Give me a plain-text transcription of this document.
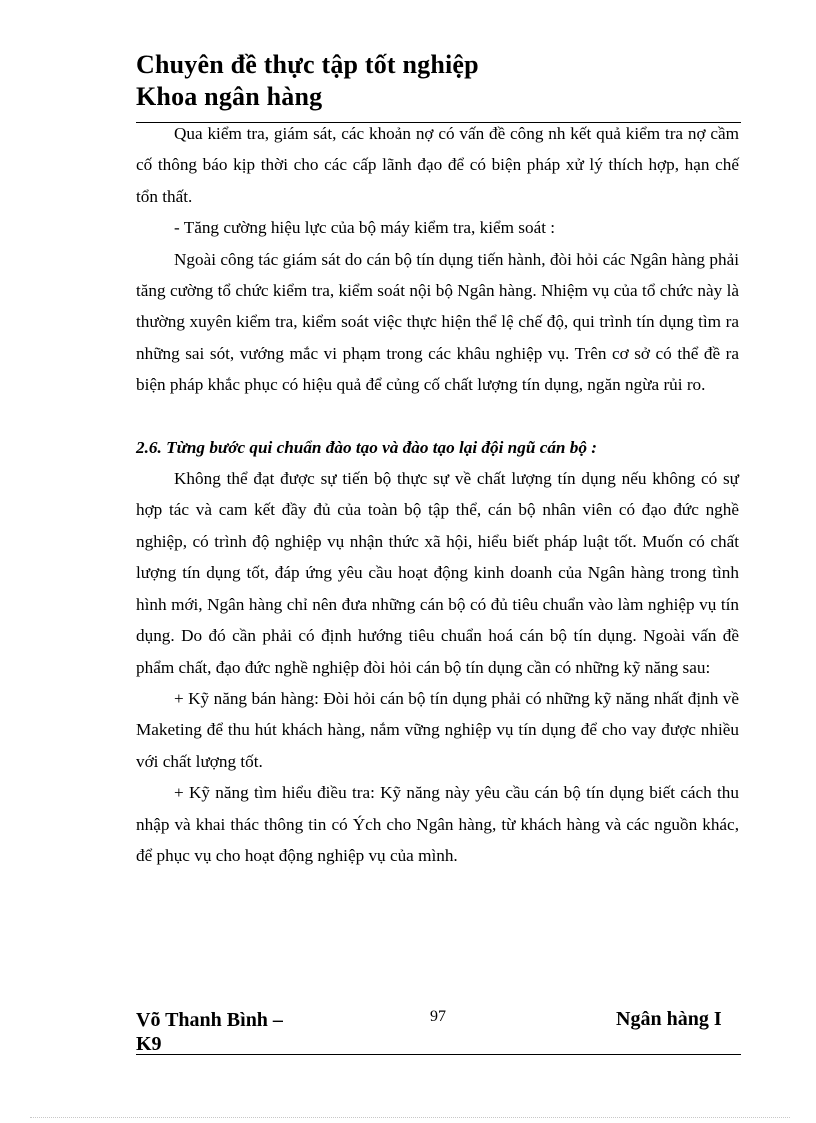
Chuyên đề thực tập tốt nghiệp
Khoa ngân hàng

Qua kiểm tra, giám sát, các khoản nợ có vấn đề công nh kết quả kiểm tra nợ cầm cố thông báo kịp thời cho các cấp lãnh đạo để có biện pháp xử lý thích hợp, hạn chế tổn thất.

- Tăng cường hiệu lực của bộ máy kiểm tra, kiểm soát :

Ngoài công tác giám sát do cán bộ tín dụng tiến hành, đòi hỏi các Ngân hàng phải tăng cường tổ chức kiểm tra, kiểm soát nội bộ Ngân hàng. Nhiệm vụ của tổ chức này là thường xuyên kiểm tra, kiểm soát việc thực hiện thể lệ chế độ, qui trình tín dụng tìm ra những sai sót, vướng mắc vi phạm trong các khâu nghiệp vụ. Trên cơ sở có thể đề ra biện pháp khắc phục có hiệu quả để củng cố chất lượng tín dụng, ngăn ngừa rủi ro.

2.6. Từng bước qui chuẩn đào tạo và đào tạo lại đội ngũ cán bộ :

Không thể đạt được sự tiến bộ thực sự về chất lượng tín dụng nếu không có sự hợp tác và cam kết đầy đủ của toàn bộ tập thể, cán bộ nhân viên có đạo đức nghề nghiệp, có trình độ nghiệp vụ nhận thức xã hội, hiểu biết pháp luật tốt. Muốn có chất lượng tín dụng tốt, đáp ứng yêu cầu hoạt động kinh doanh của Ngân hàng trong tình hình mới, Ngân hàng chỉ nên đưa những cán bộ có đủ tiêu chuẩn vào làm nghiệp vụ tín dụng. Do đó cần phải có định hướng tiêu chuẩn hoá cán bộ tín dụng. Ngoài vấn đề phẩm chất, đạo đức nghề nghiệp đòi hỏi cán bộ tín dụng cần có những kỹ năng sau:

+ Kỹ năng bán hàng: Đòi hỏi cán bộ tín dụng phải có những kỹ năng nhất định về Maketing để thu hút khách hàng, nắm vững nghiệp vụ tín dụng để cho vay được nhiều với chất lượng tốt.

+ Kỹ năng tìm hiểu điều tra: Kỹ năng này yêu cầu cán bộ tín dụng biết cách thu nhập và khai thác thông tin có Ých cho Ngân hàng, từ khách hàng và các nguồn khác, để phục vụ cho hoạt động nghiệp vụ của mình.

Võ Thanh Bình – K9
97	Ngân hàng I
